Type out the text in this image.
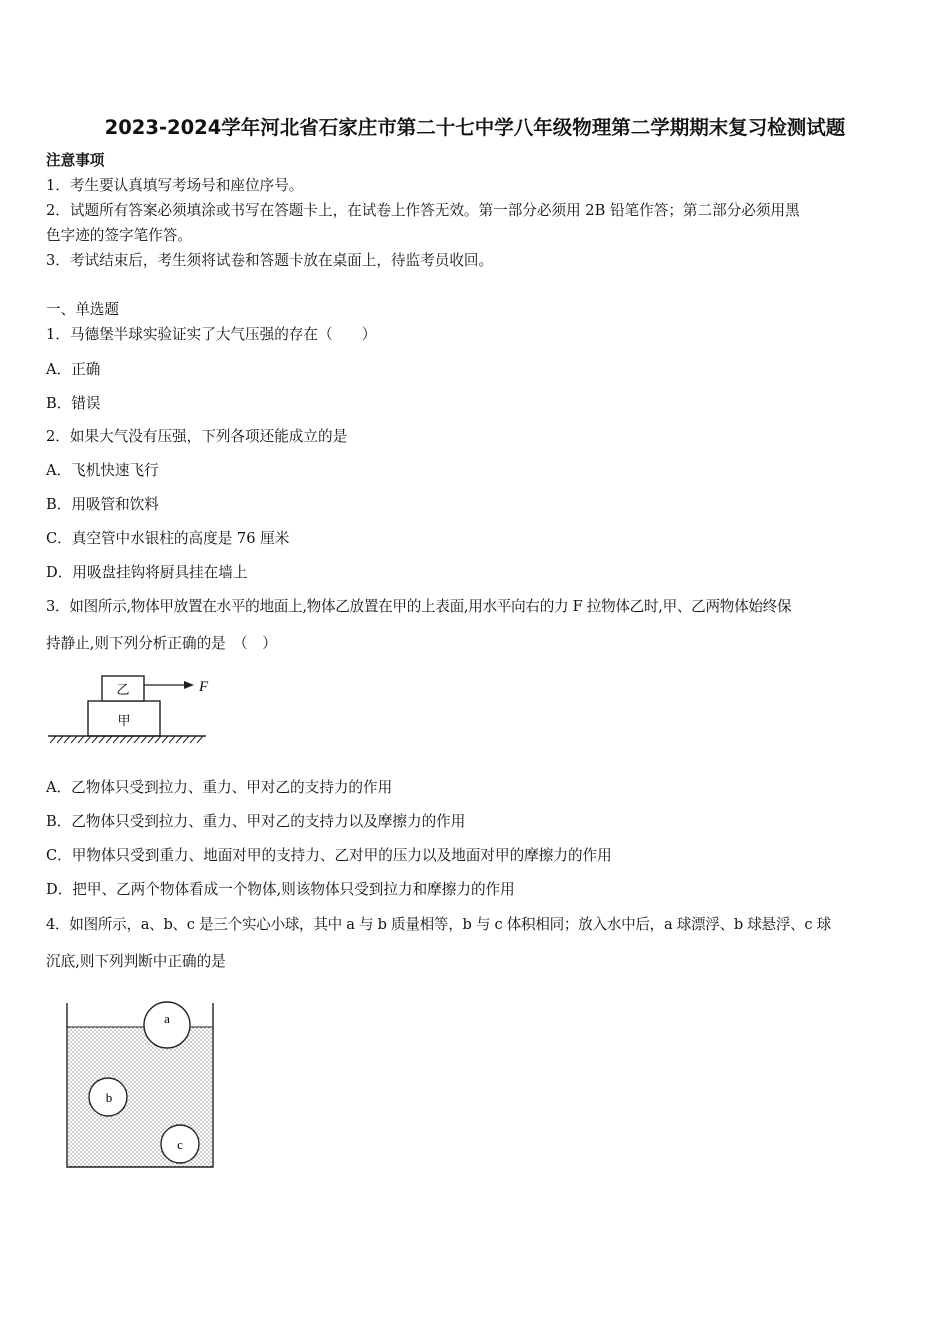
2023-2024学年河北省石家庄市第二十七中学八年级物理第二学期期末复习检测试题
注意事项
1．考生要认真填写考场号和座位序号。
2．试题所有答案必须填涂或书写在答题卡上，在试卷上作答无效。第一部分必须用 2B 铅笔作答；第二部分必须用黑
色字迹的签字笔作答。
3．考试结束后，考生须将试卷和答题卡放在桌面上，待监考员收回。
一、单选题
1．马德堡半球实验证实了大气压强的存在（　　）
A．正确
B．错误
2．如果大气没有压强，下列各项还能成立的是
A．飞机快速飞行
B．用吸管和饮料
C．真空管中水银柱的高度是 76 厘米
D．用吸盘挂钩将厨具挂在墙上
3．如图所示,物体甲放置在水平的地面上,物体乙放置在甲的上表面,用水平向右的力 F 拉物体乙时,甲、乙两物体始终保
持静止,则下列分析正确的是　（　）
F
乙
甲
A．乙物体只受到拉力、重力、甲对乙的支持力的作用
B．乙物体只受到拉力、重力、甲对乙的支持力以及摩擦力的作用
C．甲物体只受到重力、地面对甲的支持力、乙对甲的压力以及地面对甲的摩擦力的作用
D．把甲、乙两个物体看成一个物体,则该物体只受到拉力和摩擦力的作用
4．如图所示，a、b、c 是三个实心小球，其中 a 与 b 质量相等，b 与 c 体积相同；放入水中后，a 球漂浮、b 球悬浮、c 球
沉底,则下列判断中正确的是
a
b
c
